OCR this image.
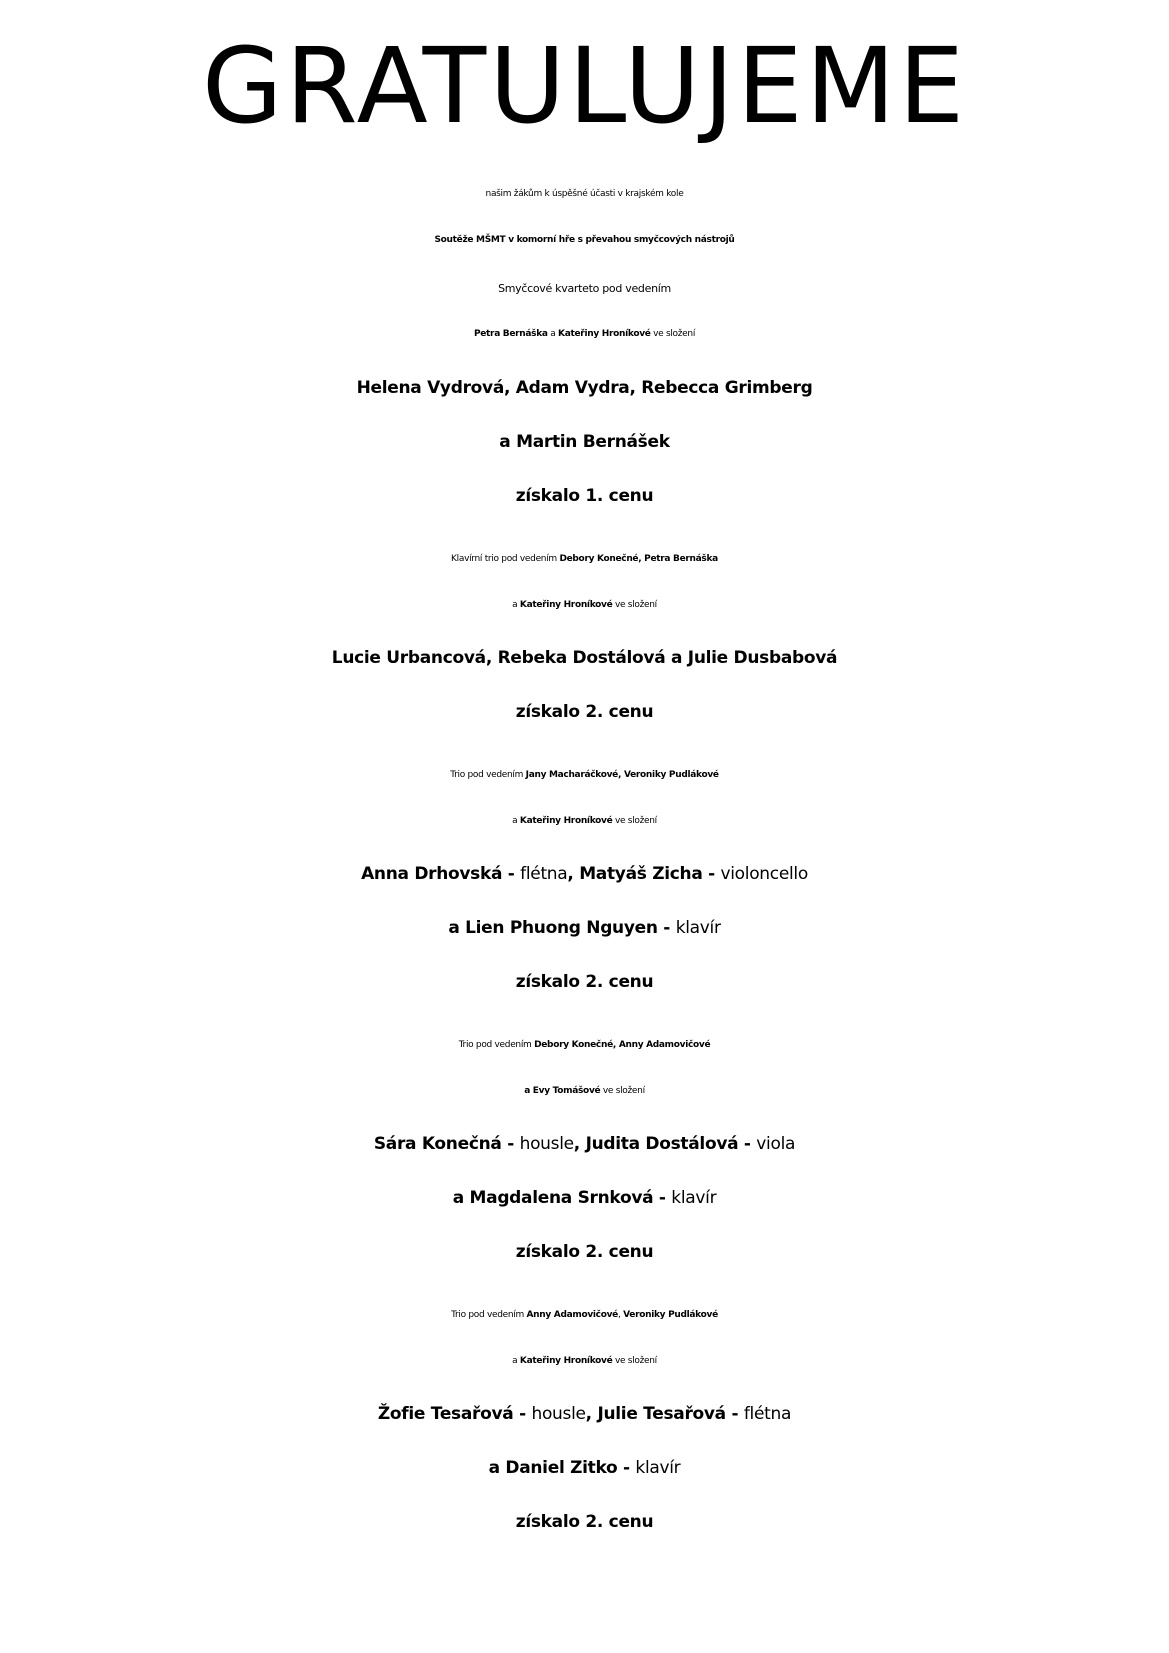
GRATULUJEME
našim žákům k úspěšné účasti v krajském kole
Soutěže MŠMT v komorní hře s převahou smyčcových nástrojů
Smyčcové kvarteto pod vedením
Petra Bernáška a Kateřiny Hroníkové ve složení
Helena Vydrová, Adam Vydra, Rebecca Grimberg
a Martin Bernášek
získalo 1. cenu
Klavírní trio pod vedením Debory Konečné, Petra Bernáška
a Kateřiny Hroníkové ve složení
Lucie Urbancová, Rebeka Dostálová a Julie Dusbabová
získalo 2. cenu
Trio pod vedením Jany Macharáčkové, Veroniky Pudlákové
a Kateřiny Hroníkové ve složení
Anna Drhovská - flétna, Matyáš Zicha - violoncello
a Lien Phuong Nguyen - klavír
získalo 2. cenu
Trio pod vedením Debory Konečné, Anny Adamovičové
a Evy Tomášové ve složení
Sára Konečná - housle, Judita Dostálová - viola
a Magdalena Srnková - klavír
získalo 2. cenu
Trio pod vedením Anny Adamovičové, Veroniky Pudlákové
a Kateřiny Hroníkové ve složení
Žofie Tesařová - housle, Julie Tesařová - flétna
a Daniel Zitko - klavír
získalo 2. cenu
